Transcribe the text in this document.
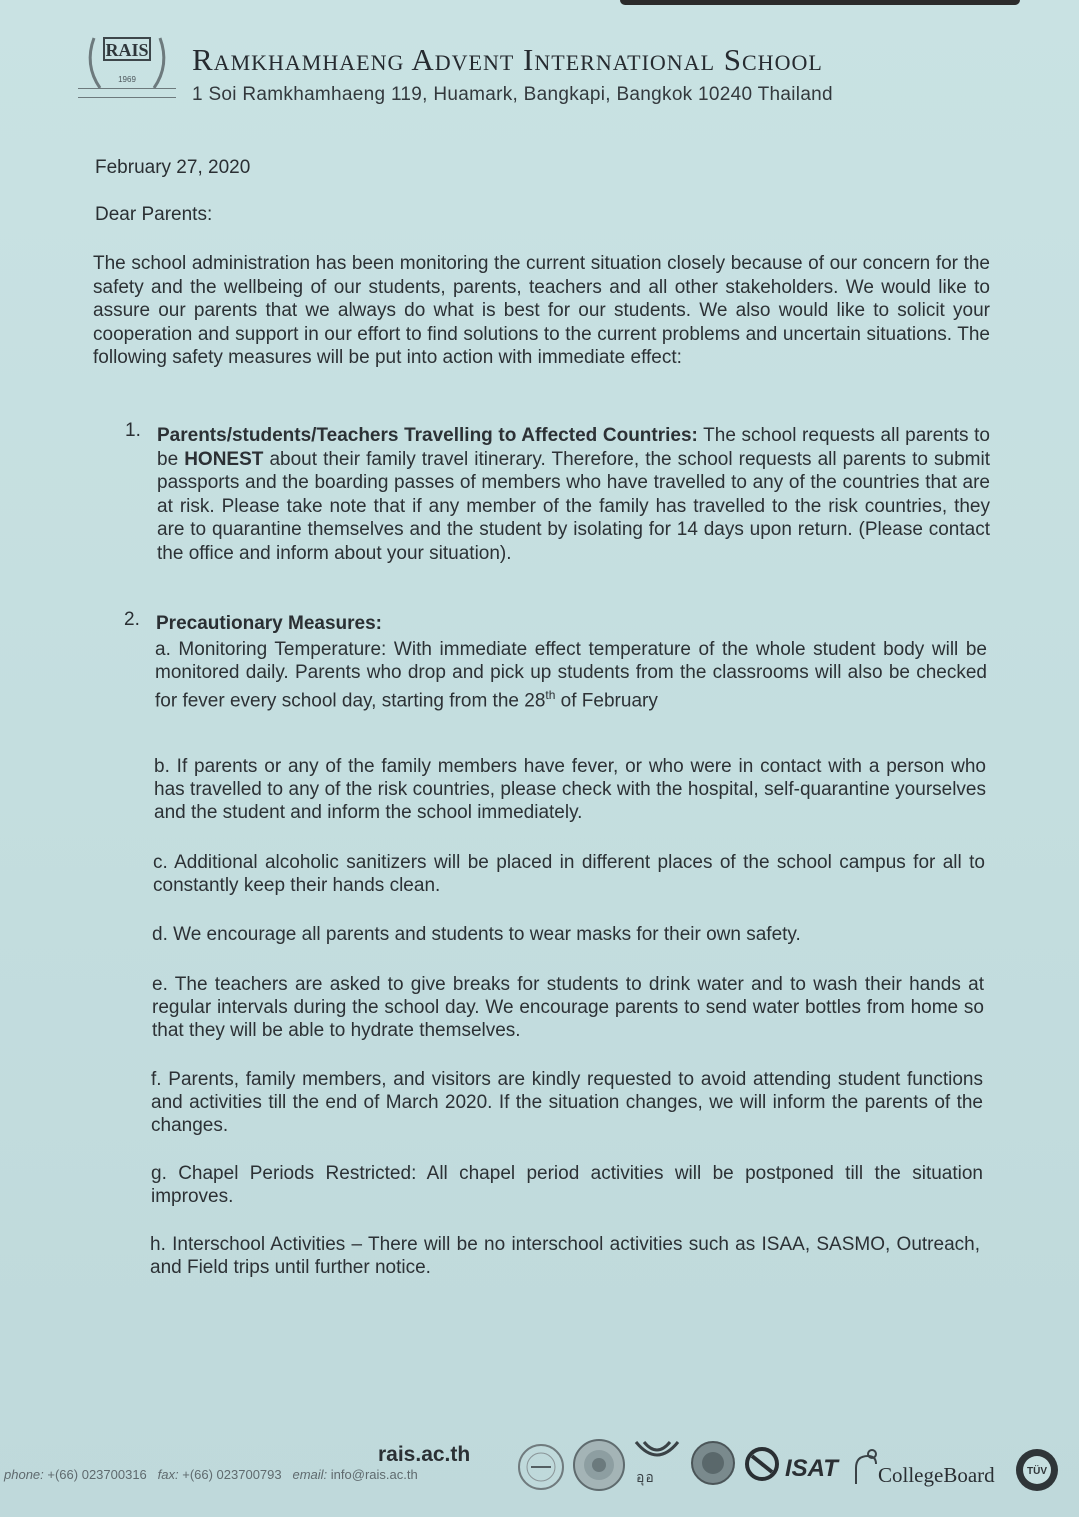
RAIS
1969
Ramkhamhaeng Advent International School
1 Soi Ramkhamhaeng 119, Huamark, Bangkapi, Bangkok 10240 Thailand
February 27, 2020
Dear Parents:
The school administration has been monitoring the current situation closely because of our concern for the safety and the wellbeing of our students, parents, teachers and all other stakeholders. We would like to assure our parents that we always do what is best for our students. We also would like to solicit your cooperation and support in our effort to find solutions to the current problems and uncertain situations. The following safety measures will be put into action with immediate effect:
1. Parents/students/Teachers Travelling to Affected Countries: The school requests all parents to be HONEST about their family travel itinerary. Therefore, the school requests all parents to submit passports and the boarding passes of members who have travelled to any of the countries that are at risk. Please take note that if any member of the family has travelled to the risk countries, they are to quarantine themselves and the student by isolating for 14 days upon return. (Please contact the office and inform about your situation).
2. Precautionary Measures:
a. Monitoring Temperature: With immediate effect temperature of the whole student body will be monitored daily. Parents who drop and pick up students from the classrooms will also be checked for fever every school day, starting from the 28th of February
b. If parents or any of the family members have fever, or who were in contact with a person who has travelled to any of the risk countries, please check with the hospital, self-quarantine yourselves and the student and inform the school immediately.
c. Additional alcoholic sanitizers will be placed in different places of the school campus for all to constantly keep their hands clean.
d. We encourage all parents and students to wear masks for their own safety.
e. The teachers are asked to give breaks for students to drink water and to wash their hands at regular intervals during the school day. We encourage parents to send water bottles from home so that they will be able to hydrate themselves.
f. Parents, family members, and visitors are kindly requested to avoid attending student functions and activities till the end of March 2020. If the situation changes, we will inform the parents of the changes.
g. Chapel Periods Restricted: All chapel period activities will be postponed till the situation improves.
h. Interschool Activities – There will be no interschool activities such as ISAA, SASMO, Outreach, and Field trips until further notice.
rais.ac.th
phone: +(66) 023700316 fax: +(66) 023700793 email: info@rais.ac.th	อุอ	ISAT CollegeBoard	TÜV
